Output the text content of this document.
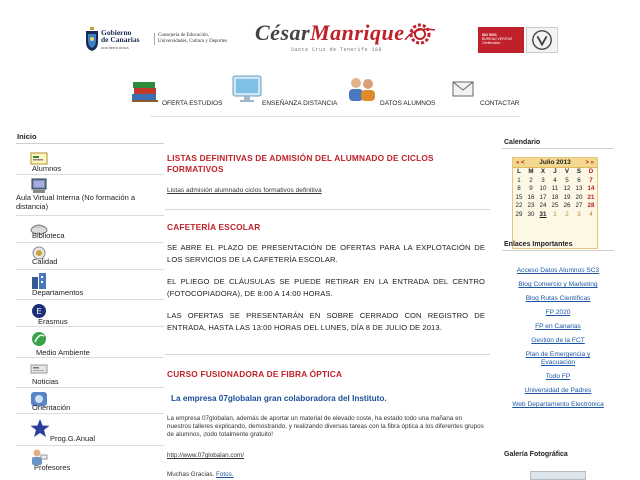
Gobierno
de Canarias
una tierra única
Consejería de Educación,
Universidades, Cultura y Deportes CésarManrique
Santa Cruz de Tenerife 188
ISO 9001
BUREAU VERITAS
Certification
OFERTA ESTUDIOS	ENSEÑANZA DISTANCIA	DATOS ALUMNOS	CONTACTAR
Inicio
Alumnos
Aula Virtual Interna (No formación a distancia)
Biblioteca
Calidad
Departamentos
E
Erasmus
Medio Ambiente
Noticias
Orientación
Prog.G.Anual
Profesores
LISTAS DEFINITIVAS DE ADMISIÓN DEL ALUMNADO DE CICLOS FORMATIVOS
Listas admisión alumnado ciclos formativos definitiva
CAFETERÍA ESCOLAR
SE ABRE EL PLAZO DE PRESENTACIÓN DE OFERTAS PARA LA EXPLOTACIÓN DE LOS SERVICIOS DE LA CAFETERÍA ESCOLAR.
EL PLIEGO DE CLÁUSULAS SE PUEDE RETIRAR EN LA ENTRADA DEL CENTRO (FOTOCOPIADORA), DE 8:00 A 14:00 HORAS.
LAS OFERTAS SE PRESENTARÁN EN SOBRE CERRADO CON REGISTRO DE ENTRADA, HASTA LAS 13:00 HORAS DEL LUNES, DÍA 8 DE JULIO DE 2013.
CURSO FUSIONADORA DE FIBRA ÓPTICA
La empresa 07globalan gran colaboradora del Instituto.
La empresa 07globalan, además de aportar un material de elevado coste, ha estado todo una mañana en nuestros talleres explicando, demostrando, y realizando diversas tareas con la fibra óptica a los diferentes grupos de alumnos, ¡todo totalmente gratuito!
http://www.07globalan.com/
Muchas Gracias. Fotos.
Calendario
« < Julio 2013 > »
L	M	X	J	V	S	D
1	2	3	4	5	6	7
8	9	10	11	12	13	14
15	16	17	18	19	20	21
22	23	24	25	26	27	28
29	30	31	1	2	3	4
Enlaces Importantes
Acceso Datos Alumnos SC3
Blog Comercio y Marketing
Blog Rutas Científicas
FP 2020
FP en Canarias
Gestión de la FCT
Plan de Emergencia y Evacuación
Todo FP
Universidad de Padres
Web Departamento Electrónica
Galería Fotográfica
